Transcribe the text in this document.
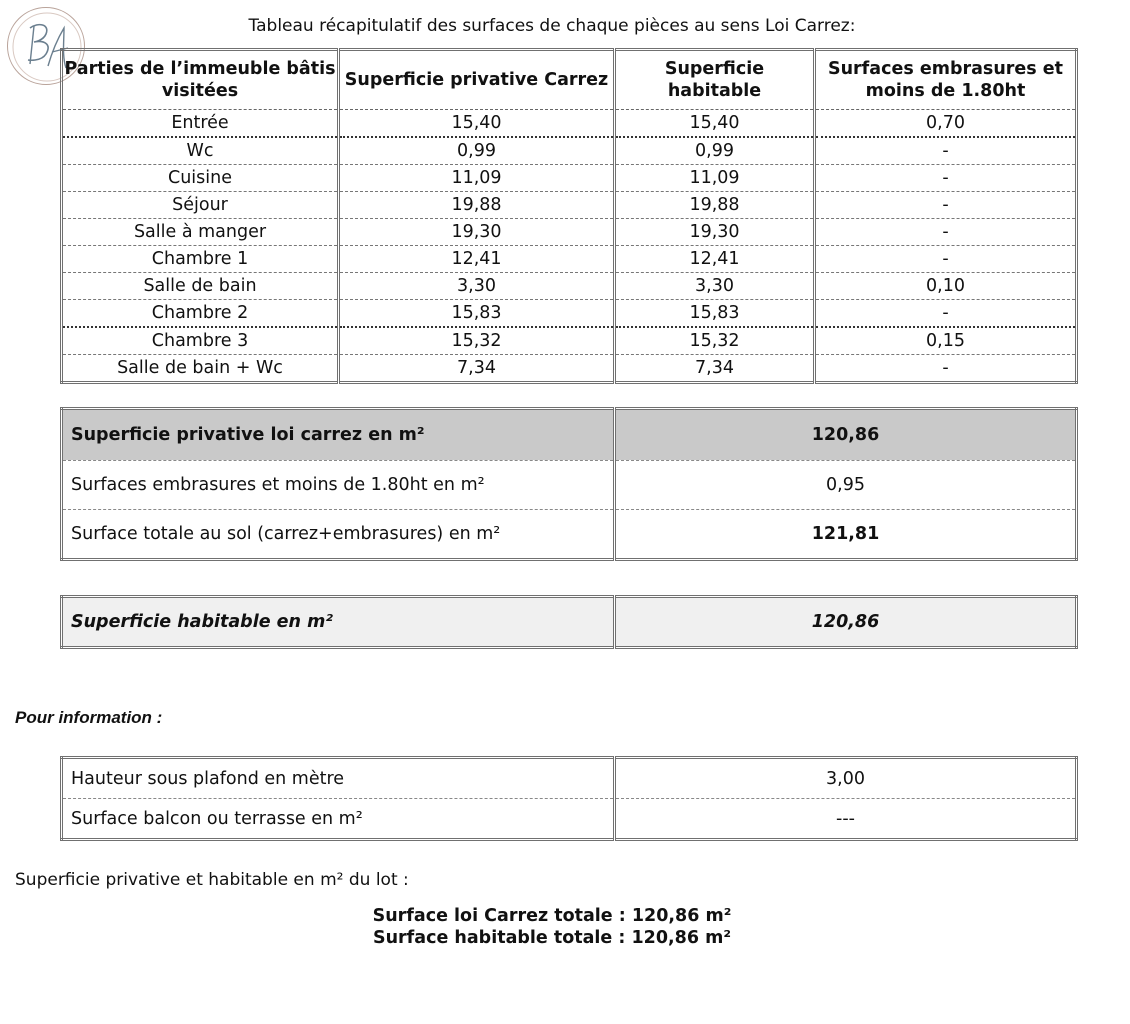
Tableau récapitulatif des surfaces de chaque pièces au sens Loi Carrez:
Parties de l’immeuble bâtis visitées	Superficie privative Carrez	Superficie habitable	Surfaces embrasures et moins de 1.80ht
Entrée	15,40	15,40	0,70
Wc	0,99	0,99	-
Cuisine	11,09	11,09	-
Séjour	19,88	19,88	-
Salle à manger	19,30	19,30	-
Chambre 1	12,41	12,41	-
Salle de bain	3,30	3,30	0,10
Chambre 2	15,83	15,83	-
Chambre 3	15,32	15,32	0,15
Salle de bain + Wc	7,34	7,34	-
Superficie privative loi carrez en m²	120,86
Surfaces embrasures et moins de 1.80ht en m²	0,95
Surface totale au sol (carrez+embrasures) en m²	121,81
Superficie habitable en m²	120,86
Pour information :
Hauteur sous plafond en mètre	3,00
Surface balcon ou terrasse en m²	---
Superficie privative et habitable en m² du lot :
Surface loi Carrez totale : 120,86 m²
Surface habitable totale : 120,86 m²
